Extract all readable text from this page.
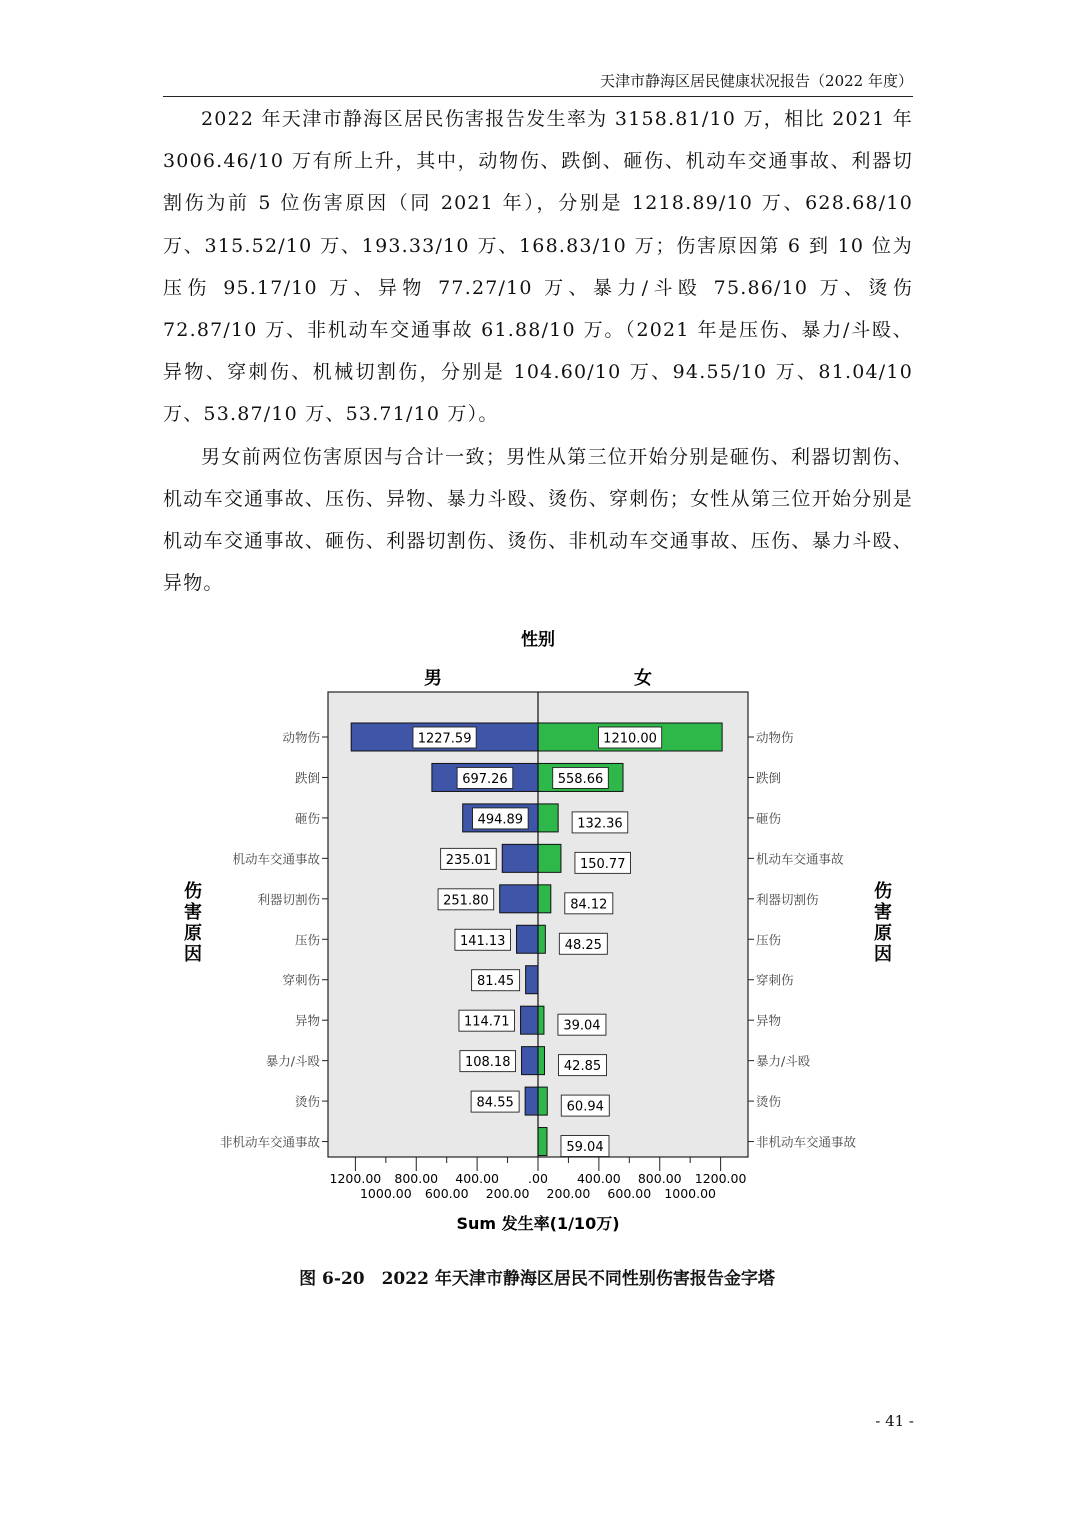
天津市静海区居民健康状况报告（2022 年度）

2022 年天津市静海区居民伤害报告发生率为 3158.81/10 万，相比 2021 年 3006.46/10 万有所上升，其中，动物伤、跌倒、砸伤、机动车交通事故、利器切割伤为前 5 位伤害原因（同 2021 年），分别是 1218.89/10 万、628.68/10 万、315.52/10 万、193.33/10 万、168.83/10 万；伤害原因第 6 到 10 位为压伤 95.17/10 万、异物 77.27/10 万、暴力/斗殴 75.86/10 万、烫伤 72.87/10 万、非机动车交通事故 61.88/10 万。（2021 年是压伤、暴力/斗殴、异物、穿刺伤、机械切割伤，分别是 104.60/10 万、94.55/10 万、81.04/10 万、53.87/10 万、53.71/10 万）。

男女前两位伤害原因与合计一致；男性从第三位开始分别是砸伤、利器切割伤、机动车交通事故、压伤、异物、暴力斗殴、烫伤、穿刺伤；女性从第三位开始分别是机动车交通事故、砸伤、利器切割伤、烫伤、非机动车交通事故、压伤、暴力斗殴、异物。

性别
男	女
动物伤	动物伤
1227.59	1210.00
跌倒	跌倒
697.26	558.66
砸伤	砸伤
494.89	132.36
机动车交通事故	机动车交通事故
235.01	150.77
利器切割伤	利器切割伤
251.80	84.12
压伤	压伤
141.13	48.25
穿刺伤	穿刺伤
81.45
异物	异物
114.71	39.04
暴力/斗殴	暴力/斗殴
108.18	42.85
烫伤	烫伤
84.55	60.94
非机动车交通事故	非机动车交通事故
59.04
1200.00 800.00 400.00 .00 400.00 800.00 1200.00
1000.00 600.00 200.00 200.00 600.00 1000.00
Sum 发生率(1/10万)
伤
害
原
因
伤
害
原
因
图 6-20　2022 年天津市静海区居民不同性别伤害报告金字塔
- 41 -
